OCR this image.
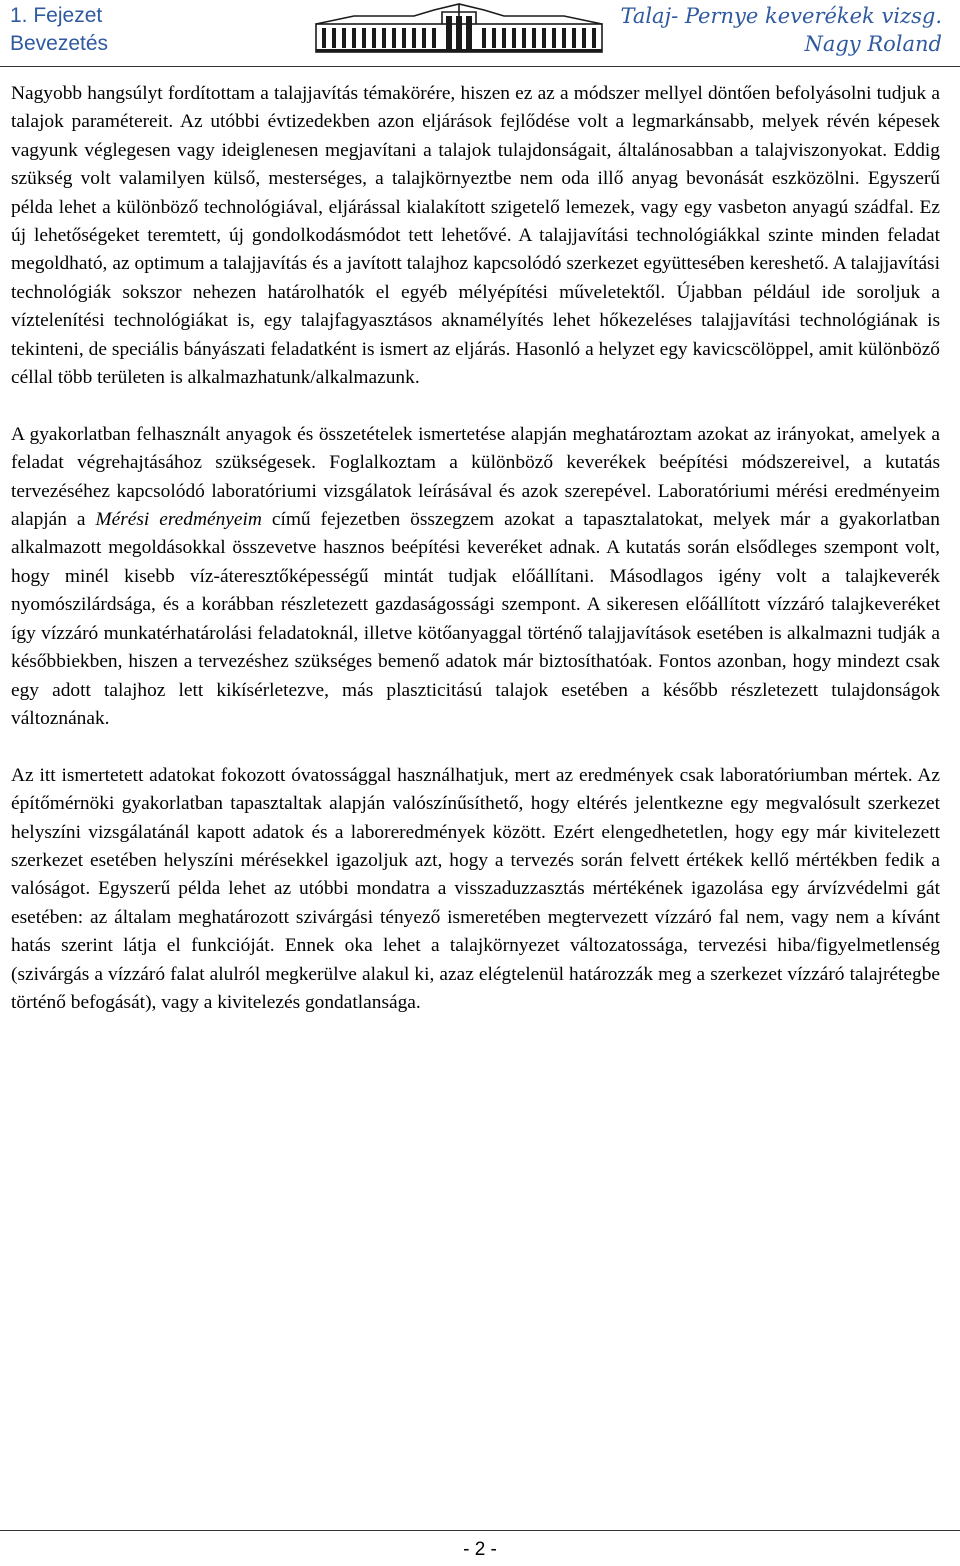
1. Fejezet
Bevezetés
Talaj- Pernye keverékek vizsg.
Nagy Roland

Nagyobb hangsúlyt fordítottam a talajjavítás témakörére, hiszen ez az a módszer mellyel döntően befolyásolni tudjuk a talajok paramétereit. Az utóbbi évtizedekben azon eljárások fejlődése volt a legmarkánsabb, melyek révén képesek vagyunk véglegesen vagy ideiglenesen megjavítani a talajok tulajdonságait, általánosabban a talajviszonyokat. Eddig szükség volt valamilyen külső, mesterséges, a talajkörnyeztbe nem oda illő anyag bevonását eszközölni. Egyszerű példa lehet a különböző technológiával, eljárással kialakított szigetelő lemezek, vagy egy vasbeton anyagú szádfal. Ez új lehetőségeket teremtett, új gondolkodásmódot tett lehetővé. A talajjavítási technológiákkal szinte minden feladat megoldható, az optimum a talajjavítás és a javított talajhoz kapcsolódó szerkezet együttesében kereshető. A talajjavítási technológiák sokszor nehezen határolhatók el egyéb mélyépítési műveletektől. Újabban például ide soroljuk a víztelenítési technológiákat is, egy talajfagyasztásos aknamélyítés lehet hőkezeléses talajjavítási technológiának is tekinteni, de speciális bányászati feladatként is ismert az eljárás. Hasonló a helyzet egy kavicscölöppel, amit különböző céllal több területen is alkalmazhatunk/alkalmazunk.

A gyakorlatban felhasznált anyagok és összetételek ismertetése alapján meghatároztam azokat az irányokat, amelyek a feladat végrehajtásához szükségesek. Foglalkoztam a különböző keverékek beépítési módszereivel, a kutatás tervezéséhez kapcsolódó laboratóriumi vizsgálatok leírásával és azok szerepével. Laboratóriumi mérési eredményeim alapján a Mérési eredményeim című fejezetben összegzem azokat a tapasztalatokat, melyek már a gyakorlatban alkalmazott megoldásokkal összevetve hasznos beépítési keveréket adnak. A kutatás során elsődleges szempont volt, hogy minél kisebb víz-áteresztőképességű mintát tudjak előállítani. Másodlagos igény volt a talajkeverék nyomószilárdsága, és a korábban részletezett gazdaságossági szempont. A sikeresen előállított vízzáró talajkeveréket így vízzáró munkatérhatárolási feladatoknál, illetve kötőanyaggal történő talajjavítások esetében is alkalmazni tudják a későbbiekben, hiszen a tervezéshez szükséges bemenő adatok már biztosíthatóak. Fontos azonban, hogy mindezt csak egy adott talajhoz lett kikísérletezve, más plaszticitású talajok esetében a később részletezett tulajdonságok változnának.

Az itt ismertetett adatokat fokozott óvatossággal használhatjuk, mert az eredmények csak laboratóriumban mértek. Az építőmérnöki gyakorlatban tapasztaltak alapján valószínűsíthető, hogy eltérés jelentkezne egy megvalósult szerkezet helyszíni vizsgálatánál kapott adatok és a laboreredmények között. Ezért elengedhetetlen, hogy egy már kivitelezett szerkezet esetében helyszíni mérésekkel igazoljuk azt, hogy a tervezés során felvett értékek kellő mértékben fedik a valóságot. Egyszerű példa lehet az utóbbi mondatra a visszaduzzasztás mértékének igazolása egy árvízvédelmi gát esetében: az általam meghatározott szivárgási tényező ismeretében megtervezett vízzáró fal nem, vagy nem a kívánt hatás szerint látja el funkcióját. Ennek oka lehet a talajkörnyezet változatossága, tervezési hiba/figyelmetlenség (szivárgás a vízzáró falat alulról megkerülve alakul ki, azaz elégtelenül határozzák meg a szerkezet vízzáró talajrétegbe történő befogását), vagy a kivitelezés gondatlansága.

- 2 -
